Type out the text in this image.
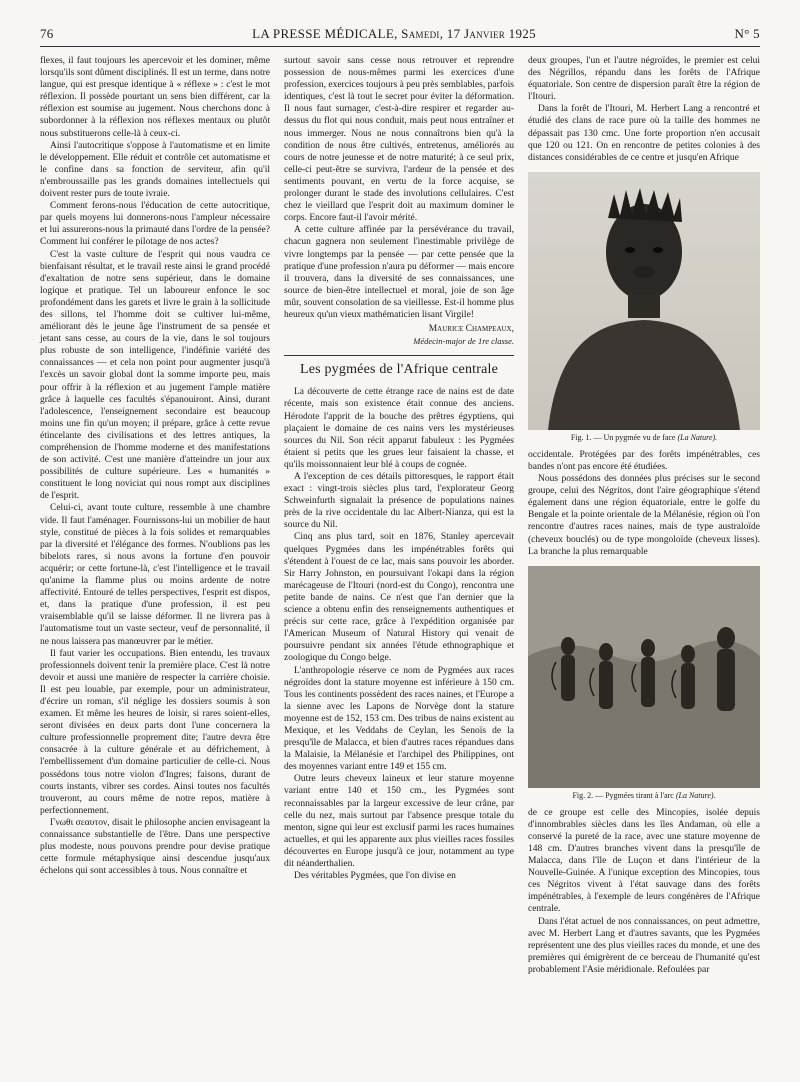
76	LA PRESSE MÉDICALE, Samedi, 17 Janvier 1925	N° 5

flexes, il faut toujours les apercevoir et les dominer, même lorsqu'ils sont dûment disciplinés. Il est un terme, dans notre langue, qui est presque identique à « réflexe » : c'est le mot réflexion. Il possède pourtant un sens bien différent, car la réflexion est soumise au jugement. Nous cherchons donc à subordonner à la réflexion nos réflexes mentaux ou plutôt nous substituerons celle-là à ceux-ci.

Ainsi l'autocritique s'oppose à l'automatisme et en limite le développement. Elle réduit et contrôle cet automatisme et le confine dans sa fonction de serviteur, afin qu'il n'embroussaille pas les grands domaines intellectuels qui doivent rester purs de toute ivraie.

Comment ferons-nous l'éducation de cette autocritique, par quels moyens lui donnerons-nous l'ampleur nécessaire et lui assurerons-nous la primauté dans l'ordre de la pensée? Comment lui conférer le pilotage de nos actes?

C'est la vaste culture de l'esprit qui nous vaudra ce bienfaisant résultat, et le travail reste ainsi le grand procédé d'exaltation de notre sens supérieur, dans le domaine logique et pratique. Tel un laboureur enfonce le soc profondément dans les garets et livre le grain à la sollicitude des sillons, tel l'homme doit se cultiver lui-même, améliorant dès le jeune âge l'instrument de sa pensée et jetant sans cesse, au cours de la vie, dans le sol toujours plus robuste de son intelligence, l'indéfinie variété des connaissances — et cela non point pour augmenter jusqu'à l'excès un savoir global dont la somme importe peu, mais pour offrir à la réflexion et au jugement l'ample matière grâce à laquelle ces facultés s'épanouiront. Ainsi, durant l'adolescence, l'enseignement secondaire est beaucoup moins une fin qu'un moyen; il prépare, grâce à cette revue étincelante des civilisations et des lettres antiques, la compréhension de l'homme moderne et des manifestations de son activité. C'est une manière d'atteindre un jour aux possibilités de culture supérieure. Les « humanités » constituent le long noviciat qui nous rompt aux disciplines de l'esprit.

Celui-ci, avant toute culture, ressemble à une chambre vide. Il faut l'aménager. Fournissons-lui un mobilier de haut style, constitué de pièces à la fois solides et remarquables par la diversité et l'élégance des formes. N'oublions pas les bibelots rares, si nous avons la fortune d'en pouvoir acquérir; or cette fortune-là, c'est l'intelligence et le travail qu'anime la flamme plus ou moins ardente de notre affectivité. Entouré de telles perspectives, l'esprit est dispos, et, dans la pratique d'une profession, il est peu vraisemblable qu'il se laisse déformer. Il ne livrera pas à l'automatisme tout un vaste secteur, veuf de personnalité, il ne nous laissera pas manœuvrer par le métier.

Il faut varier les occupations. Bien entendu, les travaux professionnels doivent tenir la première place. C'est là notre devoir et aussi une manière de respecter la carrière choisie. Il est peu louable, par exemple, pour un administrateur, d'écrire un roman, s'il néglige les dossiers soumis à son examen. Et même les heures de loisir, si rares soient-elles, seront divisées en deux parts dont l'une concernera la culture professionnelle proprement dite; l'autre devra être consacrée à la culture générale et au défrichement, à l'embellissement d'un domaine particulier de celle-ci. Nous possédons tous notre violon d'Ingres; faisons, durant de courts instants, vibrer ses cordes. Ainsi toutes nos facultés trouveront, au cours même de notre repos, matière à perfectionnement.

Γνωθι σεαυτον, disait le philosophe ancien envisageant la connaissance substantielle de l'être. Dans une perspective plus modeste, nous pouvons prendre pour devise pratique cette formule métaphysique ainsi descendue jusqu'aux échelons qui sont accessibles à tous. Nous connaître et

surtout savoir sans cesse nous retrouver et reprendre possession de nous-mêmes parmi les exercices d'une profession, exercices toujours à peu près semblables, parfois identiques, c'est là tout le secret pour éviter la déformation. Il nous faut surnager, c'est-à-dire respirer et regarder au-dessus du flot qui nous conduit, mais peut nous entraîner et nous immerger. Nous ne nous connaîtrons bien qu'à la condition de nous être cultivés, entretenus, améliorés au cours de notre jeunesse et de notre maturité; à ce seul prix, celle-ci peut-être se survivra, l'ardeur de la pensée et des sentiments pouvant, en vertu de la force acquise, se prolonger durant le stade des involutions cellulaires. C'est chez le vieillard que l'esprit doit au maximum dominer le corps. Encore faut-il l'avoir mérité.

A cette culture affinée par la persévérance du travail, chacun gagnera non seulement l'inestimable privilège de vivre longtemps par la pensée — par cette pensée que la pratique d'une profession n'aura pu déformer — mais encore il trouvera, dans la diversité de ses connaissances, une source de bien-être intellectuel et moral, joie de son âge mûr, souvent consolation de sa vieillesse. Est-il homme plus heureux qu'un vieux mathématicien lisant Virgile!

Maurice Champeaux,
Médecin-major de 1re classe.
Les pygmées de l'Afrique centrale

La découverte de cette étrange race de nains est de date récente, mais son existence était connue des anciens. Hérodote l'apprit de la bouche des prêtres égyptiens, qui plaçaient le domaine de ces nains vers les mystérieuses sources du Nil. Son récit apparut fabuleux : les Pygmées étaient si petits que les grues leur faisaient la chasse, et qu'ils moissonnaient leur blé à coups de cognée.

A l'exception de ces détails pittoresques, le rapport était exact : vingt-trois siècles plus tard, l'explorateur Georg Schweinfurth signalait la présence de populations naines près de la rive occidentale du lac Albert-Nianza, qui est la source du Nil.

Cinq ans plus tard, soit en 1876, Stanley apercevait quelques Pygmées dans les impénétrables forêts qui s'étendent à l'ouest de ce lac, mais sans pouvoir les aborder. Sir Harry Johnston, en poursuivant l'okapi dans la région marécageuse de l'Itouri (nord-est du Congo), rencontra une petite bande de nains. Ce n'est que l'an dernier que la science a obtenu enfin des renseignements authentiques et précis sur cette race, grâce à l'expédition organisée par l'American Museum of Natural History qui venait de poursuivre pendant six années l'étude ethnographique et zoologique du Congo belge.

L'anthropologie réserve ce nom de Pygmées aux races négroïdes dont la stature moyenne est inférieure à 150 cm. Tous les continents possèdent des races naines, et l'Europe a la sienne avec les Lapons de Norvège dont la stature moyenne est de 152, 153 cm. Des tribus de nains existent au Mexique, et les Veddahs de Ceylan, les Senoïs de la presqu'île de Malacca, et bien d'autres races répandues dans la Malaisie, la Mélanésie et l'archipel des Philippines, ont des moyennes variant entre 149 et 155 cm.

Outre leurs cheveux laineux et leur stature moyenne variant entre 140 et 150 cm., les Pygmées sont reconnaissables par la largeur excessive de leur crâne, par celle du nez, mais surtout par l'absence presque totale du menton, signe qui leur est exclusif parmi les races humaines actuelles, et qui les apparente aux plus vieilles races fossiles découvertes en Europe jusqu'à ce jour, notamment au type dit néanderthalien.

Des véritables Pygmées, que l'on divise en

deux groupes, l'un et l'autre négroïdes, le premier est celui des Négrillos, répandu dans les forêts de l'Afrique équatoriale. Son centre de dispersion paraît être la région de l'Itouri.

Dans la forêt de l'Itouri, M. Herbert Lang a rencontré et étudié des clans de race pure où la taille des hommes ne dépassait pas 130 cmc. Une forte proportion n'en accusait que 120 ou 121. On en rencontre de petites colonies à des distances considérables de ce centre et jusqu'en Afrique

Fig. 1. — Un pygmée vu de face (La Nature).

occidentale. Protégées par des forêts impénétrables, ces bandes n'ont pas encore été étudiées.

Nous possédons des données plus précises sur le second groupe, celui des Négritos, dont l'aire géographique s'étend également dans une région équatoriale, entre le golfe du Bengale et la pointe orientale de la Mélanésie, région où l'on rencontre d'autres races naines, mais de type australoïde (cheveux bouclés) ou de type mongoloïde (cheveux lisses). La branche la plus remarquable

Fig. 2. — Pygmées tirant à l'arc (La Nature).

de ce groupe est celle des Mincopies, isolée depuis d'innombrables siècles dans les îles Andaman, où elle a conservé la pureté de la race, avec une stature moyenne de 148 cm. D'autres branches vivent dans la presqu'île de Malacca, dans l'île de Luçon et dans l'intérieur de la Nouvelle-Guinée. A l'unique exception des Mincopies, tous ces Négritos vivent à l'état sauvage dans des forêts impénétrables, à l'exemple de leurs congénères de l'Afrique centrale.

Dans l'état actuel de nos connaissances, on peut admettre, avec M. Herbert Lang et d'autres savants, que les Pygmées représentent une des plus vieilles races du monde, et une des premières qui émigrèrent de ce berceau de l'humanité qu'est probablement l'Asie méridionale. Refoulées par
